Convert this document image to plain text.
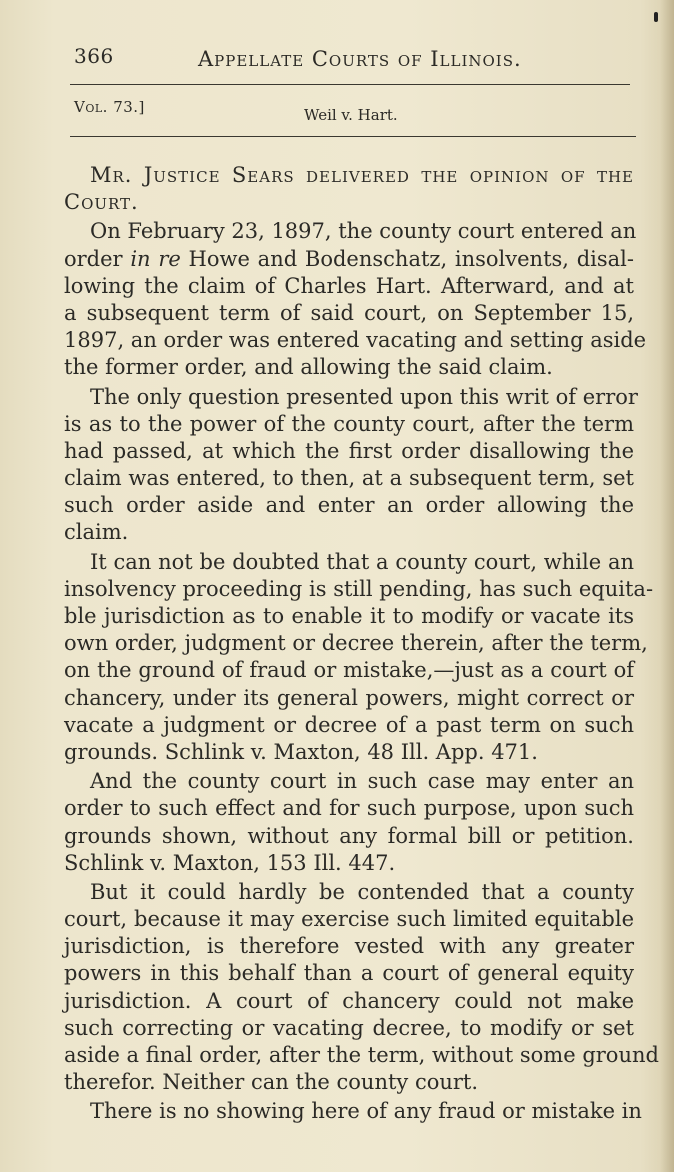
366	Appellate Courts of Illinois.
Vol. 73.]	Weil v. Hart.
Mr. Justice Sears delivered the opinion of the
Court.
On February 23, 1897, the county court entered an
order in re Howe and Bodenschatz, insolvents, disal-
lowing the claim of Charles Hart. Afterward, and at
a subsequent term of said court, on September 15,
1897, an order was entered vacating and setting aside
the former order, and allowing the said claim.
The only question presented upon this writ of error
is as to the power of the county court, after the term
had passed, at which the first order disallowing the
claim was entered, to then, at a subsequent term, set
such order aside and enter an order allowing the
claim.
It can not be doubted that a county court, while an
insolvency proceeding is still pending, has such equita-
ble jurisdiction as to enable it to modify or vacate its
own order, judgment or decree therein, after the term,
on the ground of fraud or mistake,—just as a court of
chancery, under its general powers, might correct or
vacate a judgment or decree of a past term on such
grounds. Schlink v. Maxton, 48 Ill. App. 471.
And the county court in such case may enter an
order to such effect and for such purpose, upon such
grounds shown, without any formal bill or petition.
Schlink v. Maxton, 153 Ill. 447.
But it could hardly be contended that a county
court, because it may exercise such limited equitable
jurisdiction, is therefore vested with any greater
powers in this behalf than a court of general equity
jurisdiction. A court of chancery could not make
such correcting or vacating decree, to modify or set
aside a final order, after the term, without some ground
therefor. Neither can the county court.
There is no showing here of any fraud or mistake in
